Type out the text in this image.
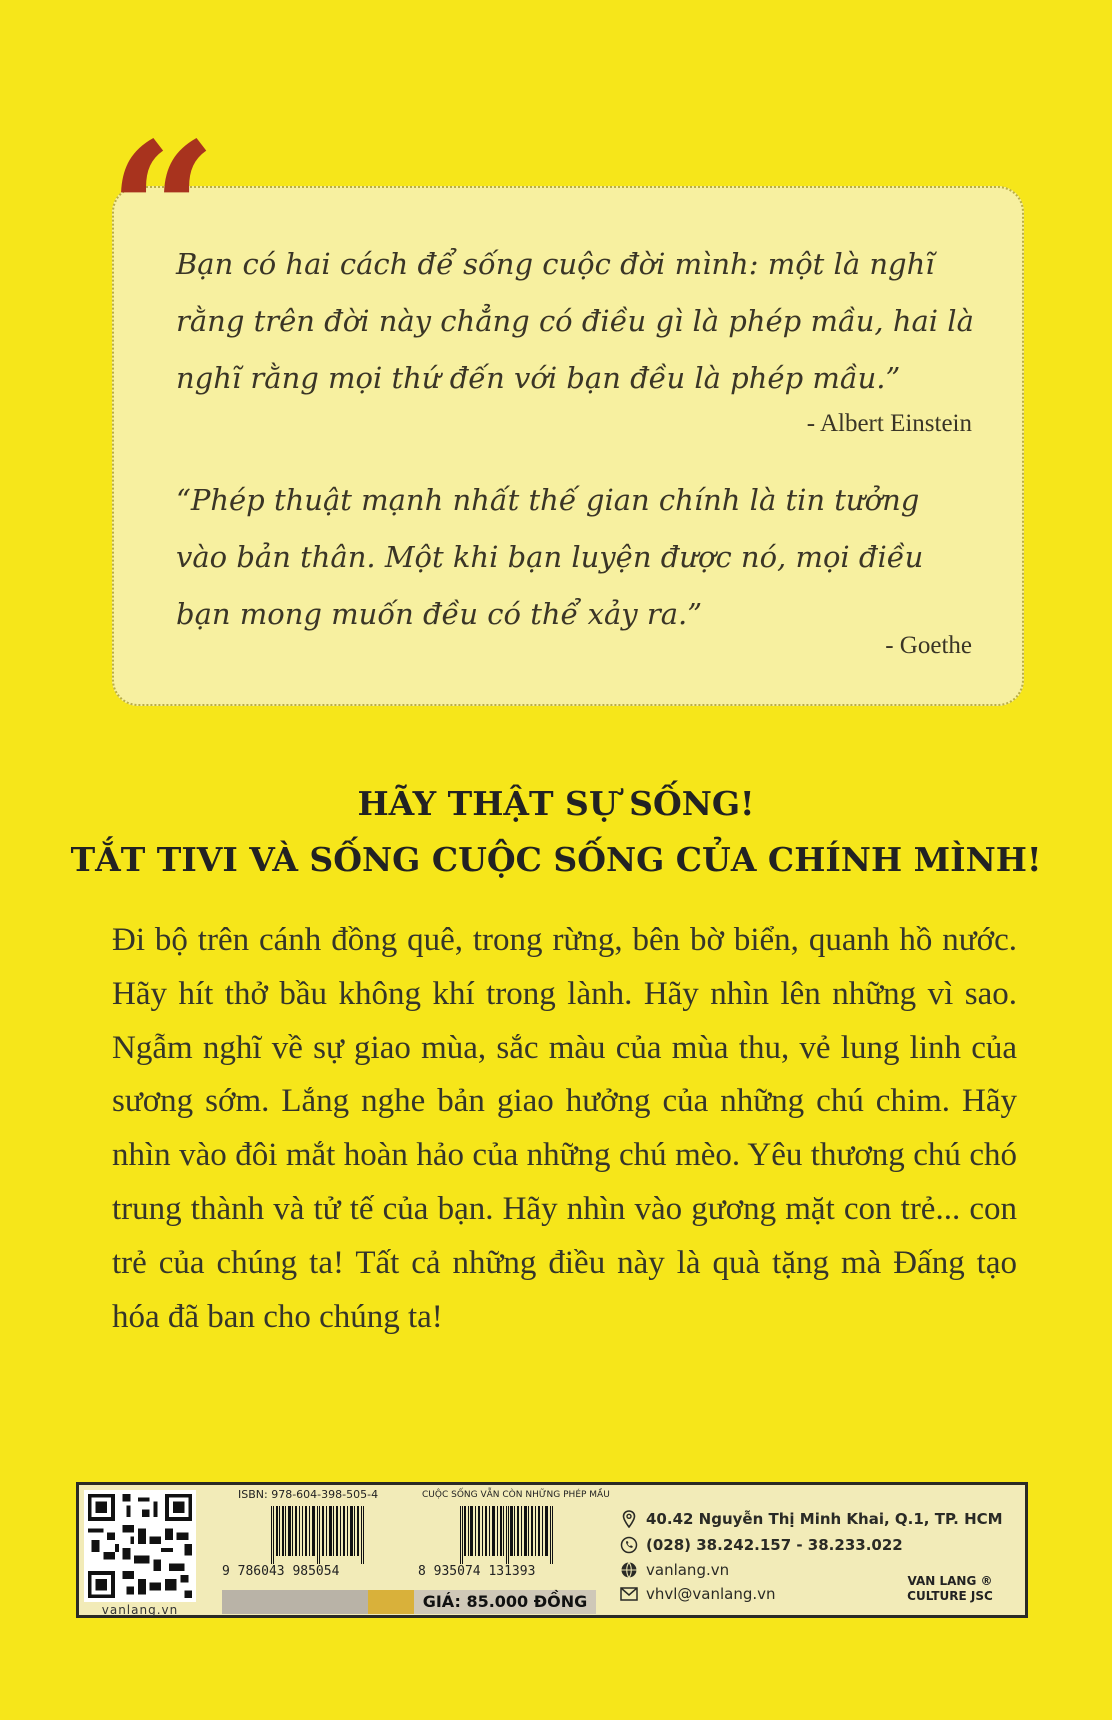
“
Bạn có hai cách để sống cuộc đời mình: một là nghĩ rằng trên đời này chẳng có điều gì là phép mầu, hai là nghĩ rằng mọi thứ đến với bạn đều là phép mầu.”
- Albert Einstein
“Phép thuật mạnh nhất thế gian chính là tin tưởng vào bản thân. Một khi bạn luyện được nó, mọi điều bạn mong muốn đều có thể xảy ra.”
- Goethe
HÃY THẬT SỰ SỐNG!
TẮT TIVI VÀ SỐNG CUỘC SỐNG CỦA CHÍNH MÌNH!
Đi bộ trên cánh đồng quê, trong rừng, bên bờ biển, quanh hồ nước. Hãy hít thở bầu không khí trong lành. Hãy nhìn lên những vì sao. Ngẫm nghĩ về sự giao mùa, sắc màu của mùa thu, vẻ lung linh của sương sớm. Lắng nghe bản giao hưởng của những chú chim. Hãy nhìn vào đôi mắt hoàn hảo của những chú mèo. Yêu thương chú chó trung thành và tử tế của bạn. Hãy nhìn vào gương mặt con trẻ... con trẻ của chúng ta! Tất cả những điều này là quà tặng mà Đấng tạo hóa đã ban cho chúng ta!
vanlang.vn
ISBN: 978-604-398-505-4	CUỘC SỐNG VẪN CÒN NHỮNG PHÉP MẦU
9 786043 985054	8 935074 131393
GIÁ: 85.000 ĐỒNG
40.42 Nguyễn Thị Minh Khai, Q.1, TP. HCM
(028) 38.242.157 - 38.233.022
vanlang.vn
vhvl@vanlang.vn
VAN LANG ®
CULTURE JSC
